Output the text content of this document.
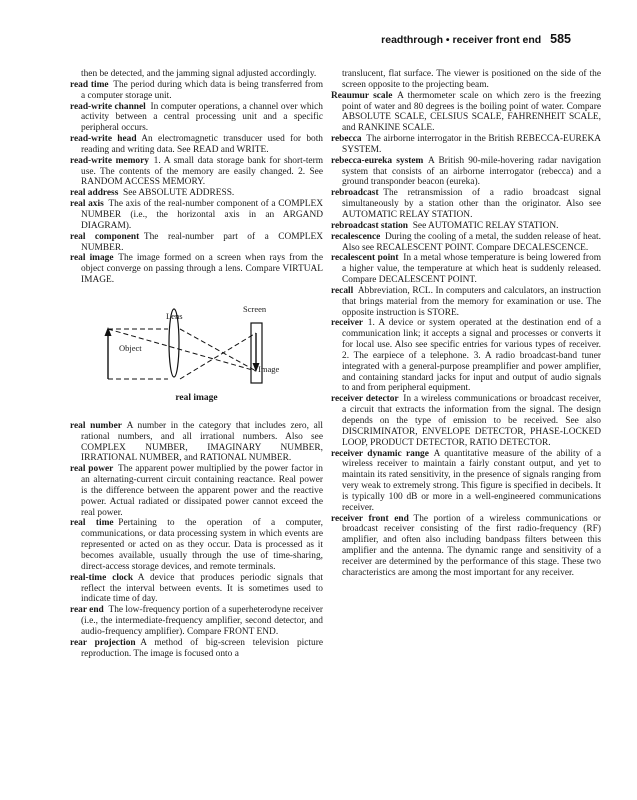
readthrough • receiver front end 585

then be detected, and the jamming signal adjusted accordingly.

read time  The period during which data is being transferred from a computer storage unit.

read-write channel  In computer operations, a channel over which activity between a central processing unit and a specific peripheral occurs.

read-write head  An electromagnetic transducer used for both reading and writing data. See READ and WRITE.

read-write memory  1. A small data storage bank for short-term use. The contents of the memory are easily changed. 2. See RANDOM ACCESS MEMORY.

real address  See ABSOLUTE ADDRESS.

real axis  The axis of the real-number component of a COMPLEX NUMBER (i.e., the horizontal axis in an ARGAND DIAGRAM).

real component  The real-number part of a COMPLEX NUMBER.

real image  The image formed on a screen when rays from the object converge on passing through a lens. Compare VIRTUAL IMAGE.

Lens
Screen
Object
Image
real image

real number  A number in the category that includes zero, all rational numbers, and all irrational numbers. Also see COMPLEX NUMBER, IMAGINARY NUMBER, IRRATIONAL NUMBER, and RATIONAL NUMBER.

real power  The apparent power multiplied by the power factor in an alternating-current circuit containing reactance. Real power is the difference between the apparent power and the reactive power. Actual radiated or dissipated power cannot exceed the real power.

real time  Pertaining to the operation of a computer, communications, or data processing system in which events are represented or acted on as they occur. Data is processed as it becomes available, usually through the use of time-sharing, direct-access storage devices, and remote terminals.

real-time clock  A device that produces periodic signals that reflect the interval between events. It is sometimes used to indicate time of day.

rear end  The low-frequency portion of a superheterodyne receiver (i.e., the intermediate-frequency amplifier, second detector, and audio-frequency amplifier). Compare FRONT END.

rear projection  A method of big-screen television picture reproduction. The image is focused onto a

translucent, flat surface. The viewer is positioned on the side of the screen opposite to the projecting beam.

Reaumur scale  A thermometer scale on which zero is the freezing point of water and 80 degrees is the boiling point of water. Compare ABSOLUTE SCALE, CELSIUS SCALE, FAHRENHEIT SCALE, and RANKINE SCALE.

rebecca  The airborne interrogator in the British REBECCA-EUREKA SYSTEM.

rebecca-eureka system  A British 90-mile-hovering radar navigation system that consists of an airborne interrogator (rebecca) and a ground transponder beacon (eureka).

rebroadcast  The retransmission of a radio broadcast signal simultaneously by a station other than the originator. Also see AUTOMATIC RELAY STATION.

rebroadcast station  See AUTOMATIC RELAY STATION.

recalescence  During the cooling of a metal, the sudden release of heat. Also see RECALESCENT POINT. Compare DECALESCENCE.

recalescent point  In a metal whose temperature is being lowered from a higher value, the temperature at which heat is suddenly released. Compare DECALESCENT POINT.

recall  Abbreviation, RCL. In computers and calculators, an instruction that brings material from the memory for examination or use. The opposite instruction is STORE.

receiver  1. A device or system operated at the destination end of a communication link; it accepts a signal and processes or converts it for local use. Also see specific entries for various types of receiver. 2. The earpiece of a telephone. 3. A radio broadcast-band tuner integrated with a general-purpose preamplifier and power amplifier, and containing standard jacks for input and output of audio signals to and from peripheral equipment.

receiver detector  In a wireless communications or broadcast receiver, a circuit that extracts the information from the signal. The design depends on the type of emission to be received. See also DISCRIMINATOR, ENVELOPE DETECTOR, PHASE-LOCKED LOOP, PRODUCT DETECTOR, RATIO DETECTOR.

receiver dynamic range  A quantitative measure of the ability of a wireless receiver to maintain a fairly constant output, and yet to maintain its rated sensitivity, in the presence of signals ranging from very weak to extremely strong. This figure is specified in decibels. It is typically 100 dB or more in a well-engineered communications receiver.

receiver front end  The portion of a wireless communications or broadcast receiver consisting of the first radio-frequency (RF) amplifier, and often also including bandpass filters between this amplifier and the antenna. The dynamic range and sensitivity of a receiver are determined by the performance of this stage. These two characteristics are among the most important for any receiver.
